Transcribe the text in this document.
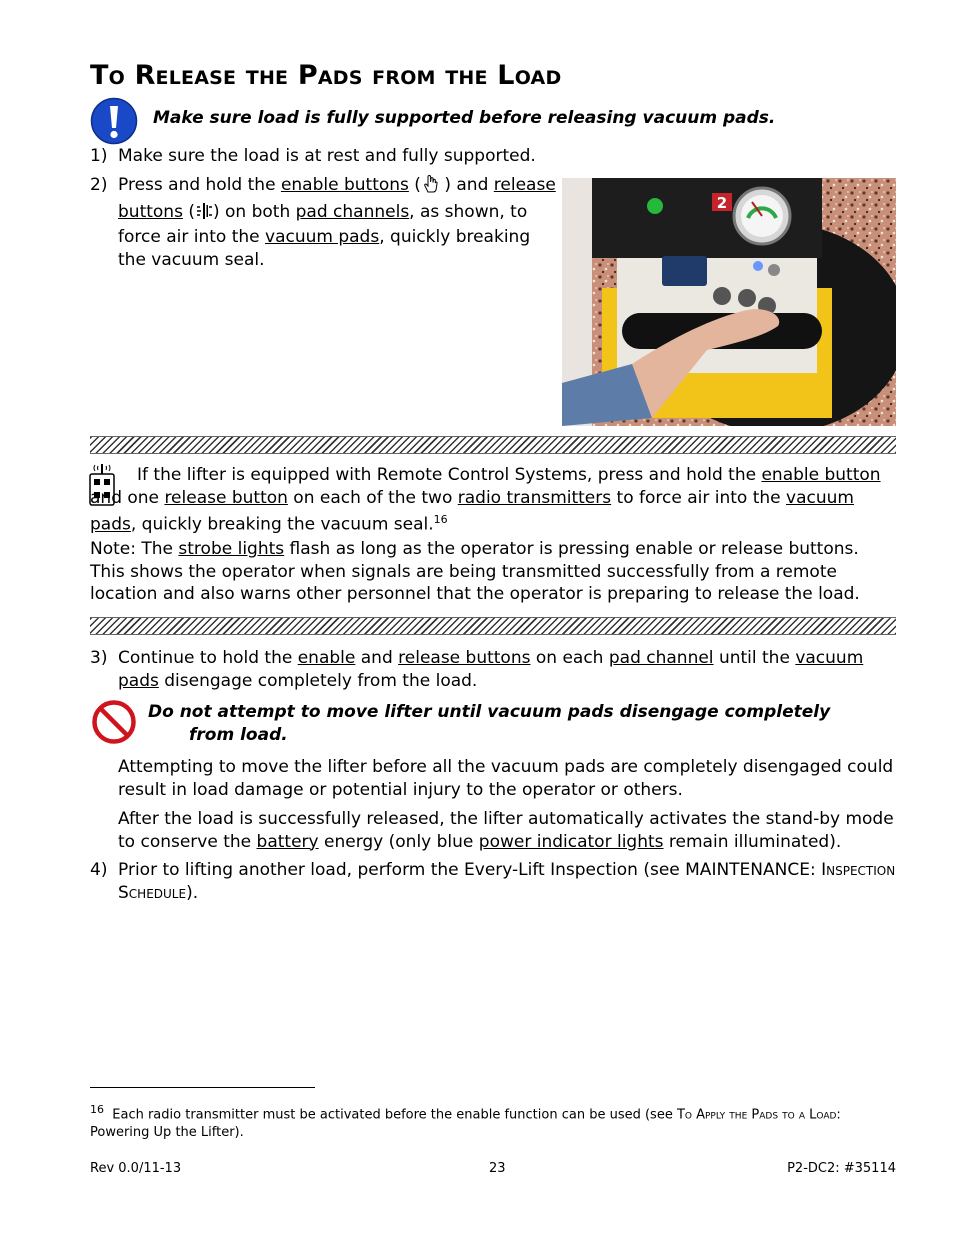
To Release the Pads from the Load
Make sure load is fully supported before releasing vacuum pads.
1) Make sure the load is at rest and fully supported.
2) Press and hold the enable buttons ( ) and release buttons ( ) on both pad channels, as shown, to force air into the vacuum pads, quickly breaking the vacuum seal.
2
If the lifter is equipped with Remote Control Systems, press and hold the enable button and one release button on each of the two radio transmitters to force air into the vacuum pads, quickly breaking the vacuum seal.$^{16}$
Note: The strobe lights flash as long as the operator is pressing enable or release buttons. This shows the operator when signals are being transmitted successfully from a remote location and also warns other personnel that the operator is preparing to release the load.
3) Continue to hold the enable and release buttons on each pad channel until the vacuum pads disengage completely from the load.
Do not attempt to move lifter until vacuum pads disengage completely from load.
Attempting to move the lifter before all the vacuum pads are completely disengaged could result in load damage or potential injury to the operator or others.
After the load is successfully released, the lifter automatically activates the stand-by mode to conserve the battery energy (only blue power indicator lights remain illuminated).
4) Prior to lifting another load, perform the Every-Lift Inspection (see MAINTENANCE: Inspection Schedule).
$^{16}$ Each radio transmitter must be activated before the enable function can be used (see To Apply the Pads to a Load: Powering Up the Lifter).
Rev 0.0/11-13	23	P2-DC2: #35114
